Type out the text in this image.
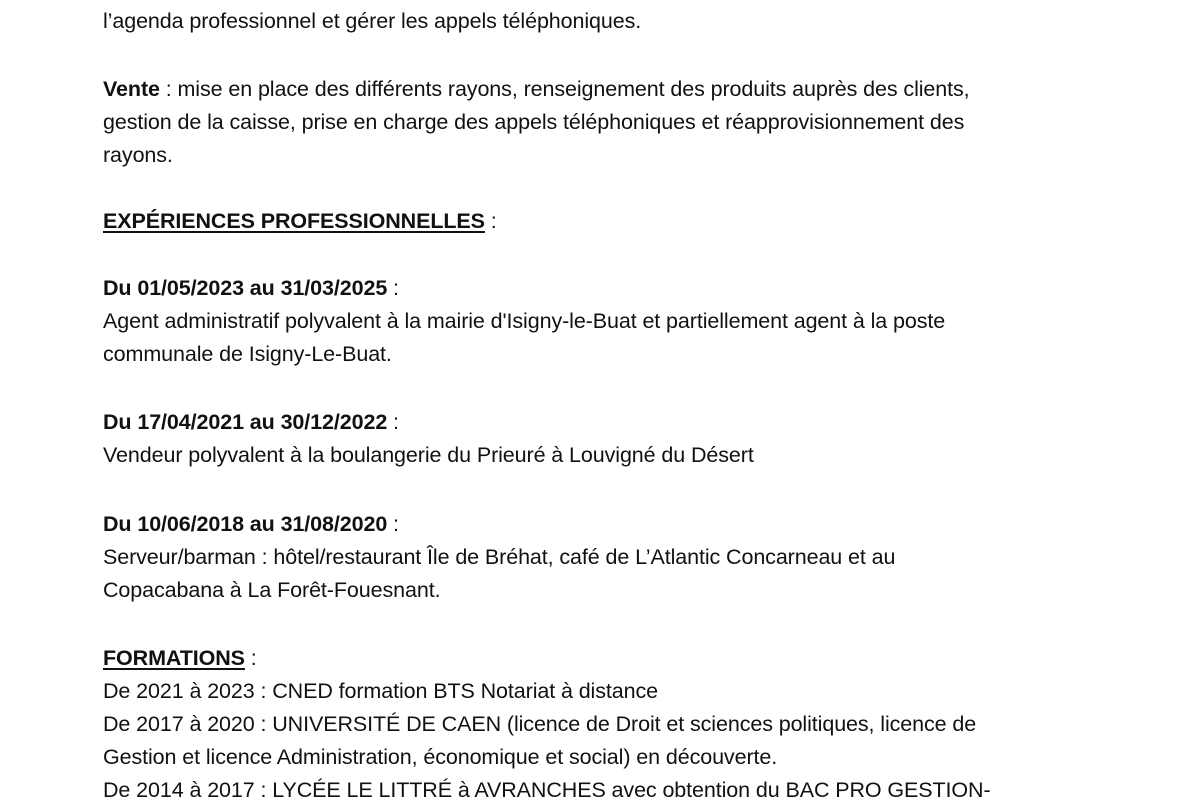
l’agenda professionnel et gérer les appels téléphoniques.
Vente : mise en place des différents rayons, renseignement des produits auprès des clients,
gestion de la caisse, prise en charge des appels téléphoniques et réapprovisionnement des
rayons.
EXPÉRIENCES PROFESSIONNELLES :
Du 01/05/2023 au 31/03/2025 :
Agent administratif polyvalent à la mairie d'Isigny-le-Buat et partiellement agent à la poste
communale de Isigny-Le-Buat.
Du 17/04/2021 au 30/12/2022 :
Vendeur polyvalent à la boulangerie du Prieuré à Louvigné du Désert
Du 10/06/2018 au 31/08/2020 :
Serveur/barman : hôtel/restaurant Île de Bréhat, café de L’Atlantic Concarneau et au
Copacabana à La Forêt-Fouesnant.
FORMATIONS :
De 2021 à 2023 : CNED formation BTS Notariat à distance
De 2017 à 2020 : UNIVERSITÉ DE CAEN (licence de Droit et sciences politiques, licence de
Gestion et licence Administration, économique et social) en découverte.
De 2014 à 2017 : LYCÉE LE LITTRÉ à AVRANCHES avec obtention du BAC PRO GESTION-
